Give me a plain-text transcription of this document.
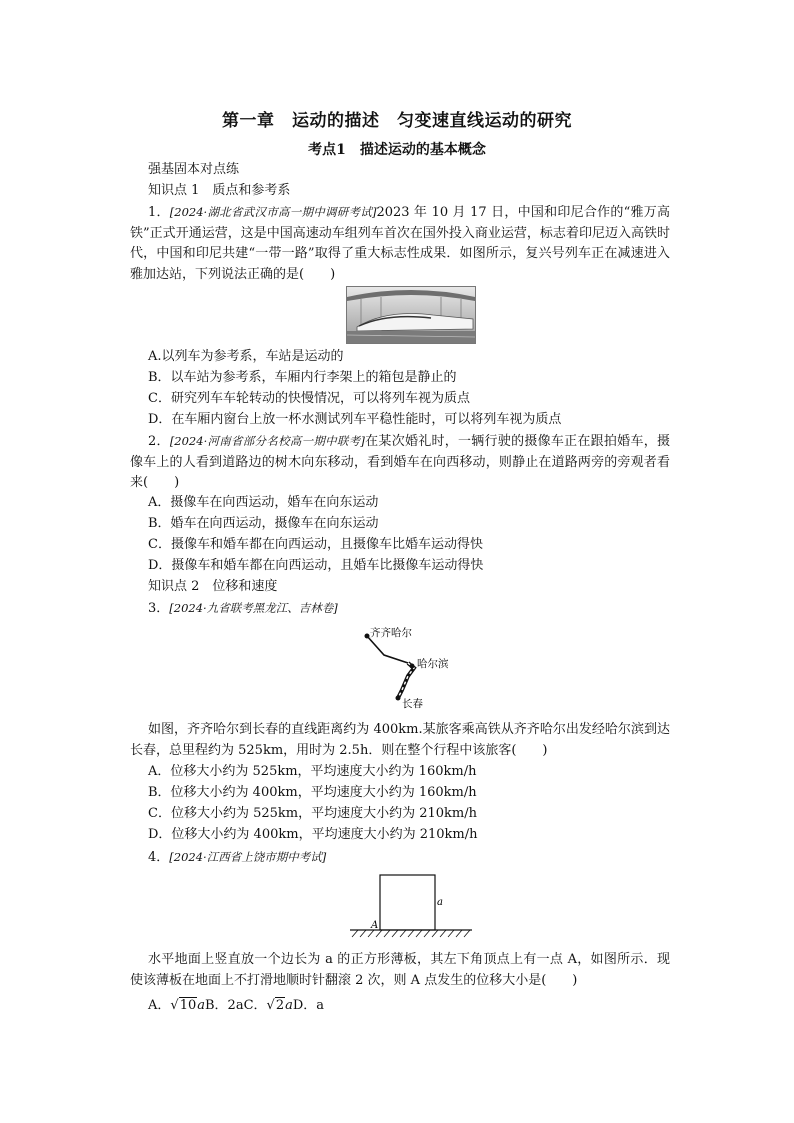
第一章　运动的描述　匀变速直线运动的研究
考点1　描述运动的基本概念
强基固本对点练
知识点 1　质点和参考系
1．[2024·湖北省武汉市高一期中调研考试]2023 年 10 月 17 日，中国和印尼合作的“雅万高铁”正式开通运营，这是中国高速动车组列车首次在国外投入商业运营，标志着印尼迈入高铁时代，中国和印尼共建“一带一路”取得了重大标志性成果．如图所示，复兴号列车正在减速进入雅加达站，下列说法正确的是(　　)
A.以列车为参考系，车站是运动的
B．以车站为参考系，车厢内行李架上的箱包是静止的
C．研究列车车轮转动的快慢情况，可以将列车视为质点
D．在车厢内窗台上放一杯水测试列车平稳性能时，可以将列车视为质点
2．[2024·河南省部分名校高一期中联考]在某次婚礼时，一辆行驶的摄像车正在跟拍婚车，摄像车上的人看到道路边的树木向东移动，看到婚车在向西移动，则静止在道路两旁的旁观者看来(　　)
A．摄像车在向西运动，婚车在向东运动
B．婚车在向西运动，摄像车在向东运动
C．摄像车和婚车都在向西运动，且摄像车比婚车运动得快
D．摄像车和婚车都在向西运动，且婚车比摄像车运动得快
知识点 2　位移和速度
3．[2024·九省联考黑龙江、吉林卷]
齐齐哈尔
哈尔滨
长春
如图，齐齐哈尔到长春的直线距离约为 400km.某旅客乘高铁从齐齐哈尔出发经哈尔滨到达长春，总里程约为 525km，用时为 2.5h．则在整个行程中该旅客(　　)
A．位移大小约为 525km，平均速度大小约为 160km/h
B．位移大小约为 400km，平均速度大小约为 160km/h
C．位移大小约为 525km，平均速度大小约为 210km/h
D．位移大小约为 400km，平均速度大小约为 210km/h
4．[2024·江西省上饶市期中考试]
a
A
水平地面上竖直放一个边长为 a 的正方形薄板，其左下角顶点上有一点 A，如图所示．现使该薄板在地面上不打滑地顺时针翻滚 2 次，则 A 点发生的位移大小是(　　)
A．√10aB．2aC．√2aD．a
